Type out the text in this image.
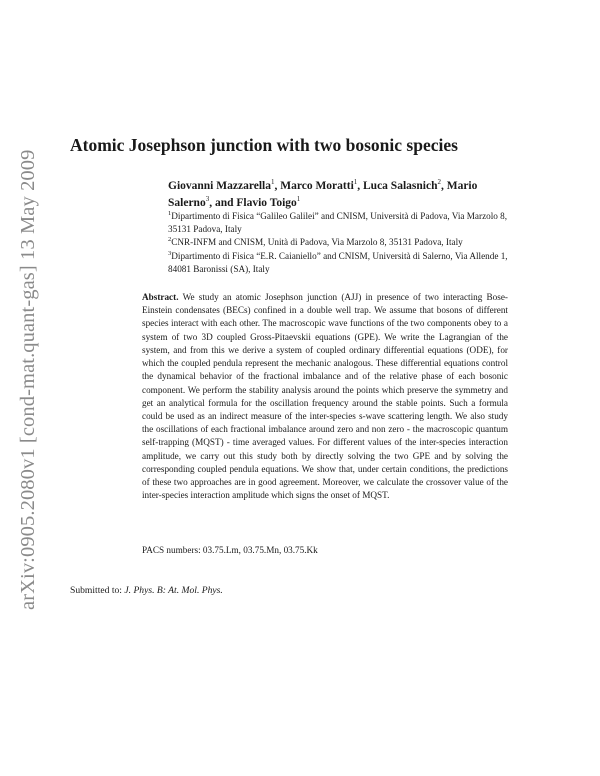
arXiv:0905.2080v1 [cond-mat.quant-gas] 13 May 2009
Atomic Josephson junction with two bosonic species
Giovanni Mazzarella$^1$, Marco Moratti$^1$, Luca Salasnich$^2$, Mario Salerno$^3$, and Flavio Toigo$^1$
$^1$Dipartimento di Fisica “Galileo Galilei” and CNISM, Università di Padova, Via Marzolo 8, 35131 Padova, Italy
$^2$CNR-INFM and CNISM, Unità di Padova, Via Marzolo 8, 35131 Padova, Italy
$^3$Dipartimento di Fisica “E.R. Caianiello” and CNISM, Università di Salerno, Via Allende 1, 84081 Baronissi (SA), Italy
Abstract. We study an atomic Josephson junction (AJJ) in presence of two interacting Bose-Einstein condensates (BECs) confined in a double well trap. We assume that bosons of different species interact with each other. The macroscopic wave functions of the two components obey to a system of two 3D coupled Gross-Pitaevskii equations (GPE). We write the Lagrangian of the system, and from this we derive a system of coupled ordinary differential equations (ODE), for which the coupled pendula represent the mechanic analogous. These differential equations control the dynamical behavior of the fractional imbalance and of the relative phase of each bosonic component. We perform the stability analysis around the points which preserve the symmetry and get an analytical formula for the oscillation frequency around the stable points. Such a formula could be used as an indirect measure of the inter-species s-wave scattering length. We also study the oscillations of each fractional imbalance around zero and non zero - the macroscopic quantum self-trapping (MQST) - time averaged values. For different values of the inter-species interaction amplitude, we carry out this study both by directly solving the two GPE and by solving the corresponding coupled pendula equations. We show that, under certain conditions, the predictions of these two approaches are in good agreement. Moreover, we calculate the crossover value of the inter-species interaction amplitude which signs the onset of MQST.
PACS numbers: 03.75.Lm, 03.75.Mn, 03.75.Kk
Submitted to: J. Phys. B: At. Mol. Phys.
